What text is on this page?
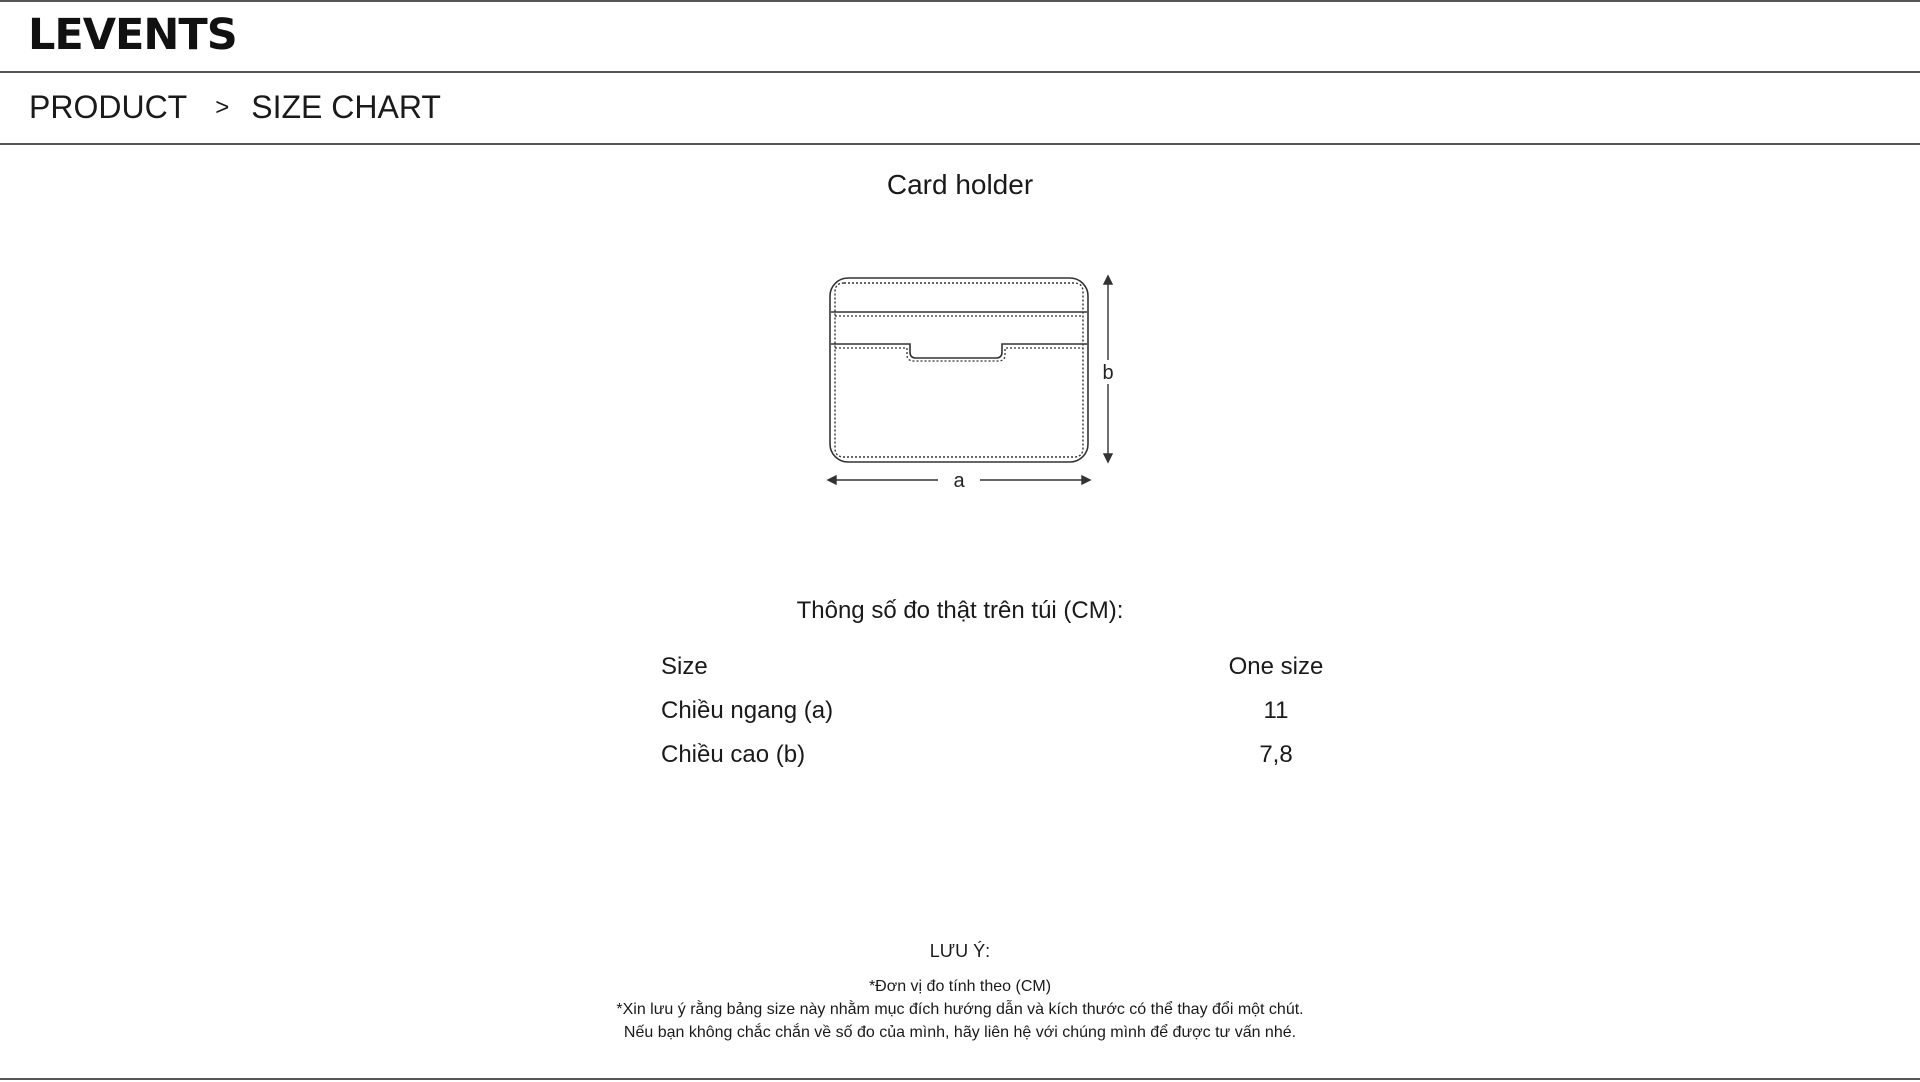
LEVENTS
PRODUCT > SIZE CHART
Card holder
b
a
Thông số đo thật trên túi (CM):
Size	One size
Chiều ngang (a)	11
Chiều cao (b)	7,8
LƯU Ý:
*Đơn vị đo tính theo (CM)
*Xin lưu ý rằng bảng size này nhằm mục đích hướng dẫn và kích thước có thể thay đổi một chút.
Nếu bạn không chắc chắn về số đo của mình, hãy liên hệ với chúng mình để được tư vấn nhé.
